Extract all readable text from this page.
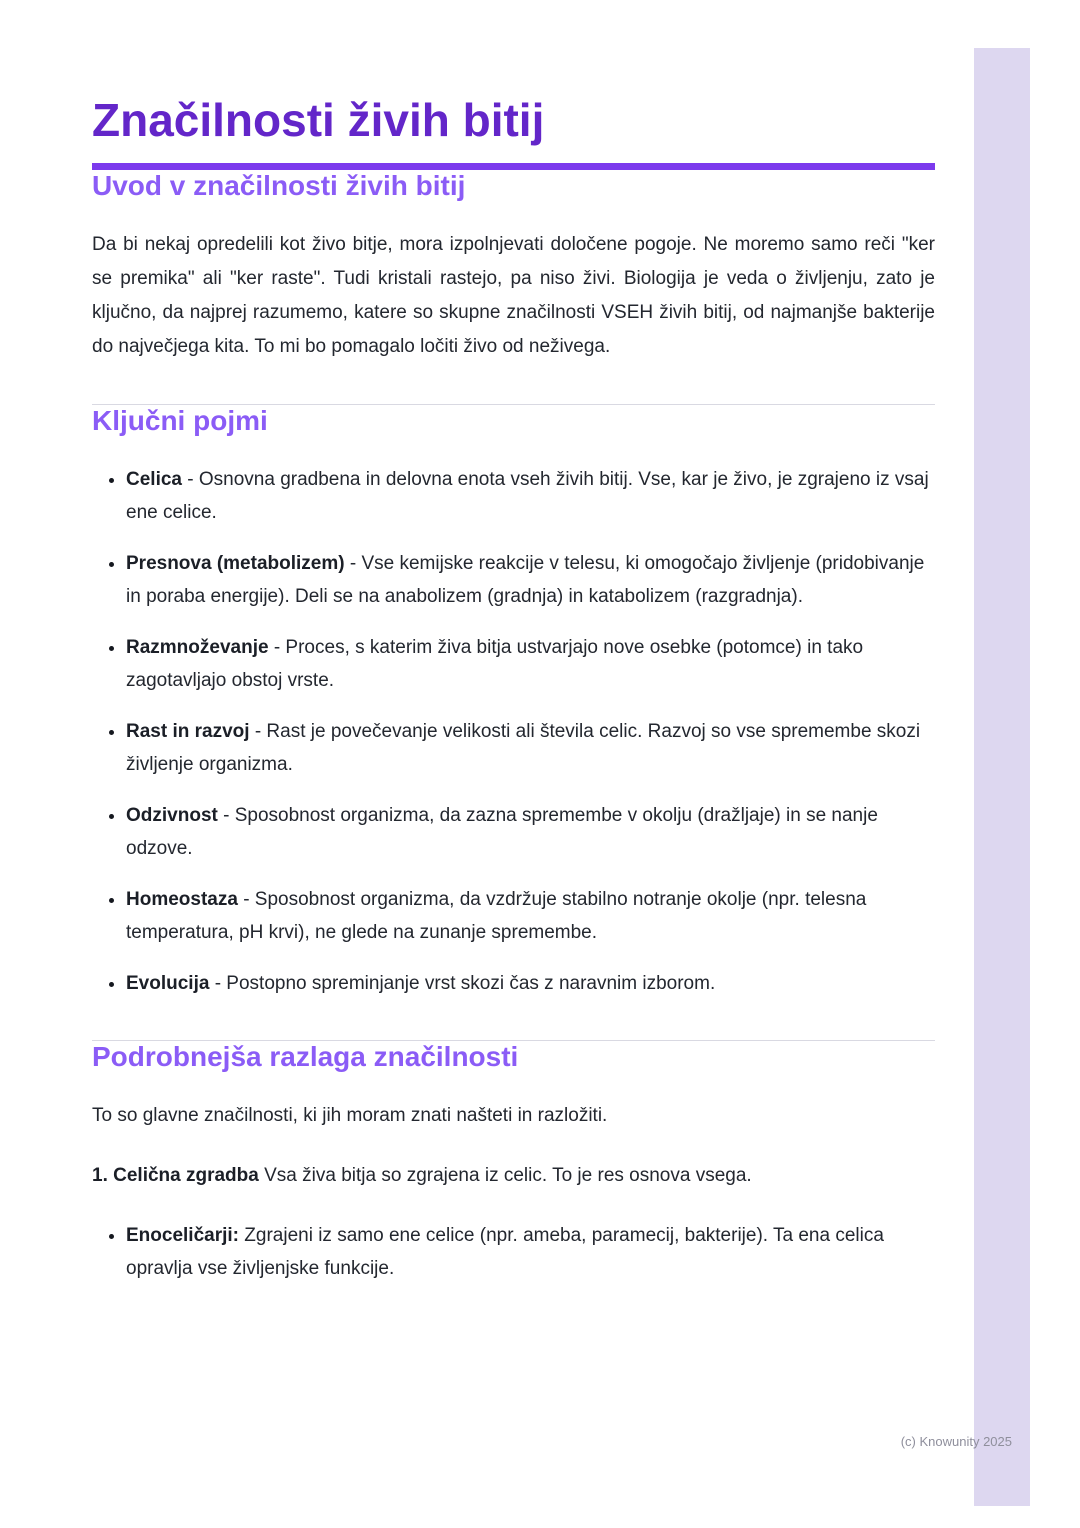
Značilnosti živih bitij
Uvod v značilnosti živih bitij

Da bi nekaj opredelili kot živo bitje, mora izpolnjevati določene pogoje. Ne moremo samo reči "ker se premika" ali "ker raste". Tudi kristali rastejo, pa niso živi. Biologija je veda o življenju, zato je ključno, da najprej razumemo, katere so skupne značilnosti VSEH živih bitij, od najmanjše bakterije do največjega kita. To mi bo pomagalo ločiti živo od neživega.

Ključni pojmi
• Celica - Osnovna gradbena in delovna enota vseh živih bitij. Vse, kar je živo, je zgrajeno iz vsaj ene celice.
• Presnova (metabolizem) - Vse kemijske reakcije v telesu, ki omogočajo življenje (pridobivanje in poraba energije). Deli se na anabolizem (gradnja) in katabolizem (razgradnja).
• Razmnoževanje - Proces, s katerim živa bitja ustvarjajo nove osebke (potomce) in tako zagotavljajo obstoj vrste.
• Rast in razvoj - Rast je povečevanje velikosti ali števila celic. Razvoj so vse spremembe skozi življenje organizma.
• Odzivnost - Sposobnost organizma, da zazna spremembe v okolju (dražljaje) in se nanje odzove.
• Homeostaza - Sposobnost organizma, da vzdržuje stabilno notranje okolje (npr. telesna temperatura, pH krvi), ne glede na zunanje spremembe.
• Evolucija - Postopno spreminjanje vrst skozi čas z naravnim izborom.
Podrobnejša razlaga značilnosti

To so glavne značilnosti, ki jih moram znati našteti in razložiti.

1. Celična zgradba Vsa živa bitja so zgrajena iz celic. To je res osnova vsega.

• Enoceličarji: Zgrajeni iz samo ene celice (npr. ameba, paramecij, bakterije). Ta ena celica opravlja vse življenjske funkcije.
(c) Knowunity 2025
